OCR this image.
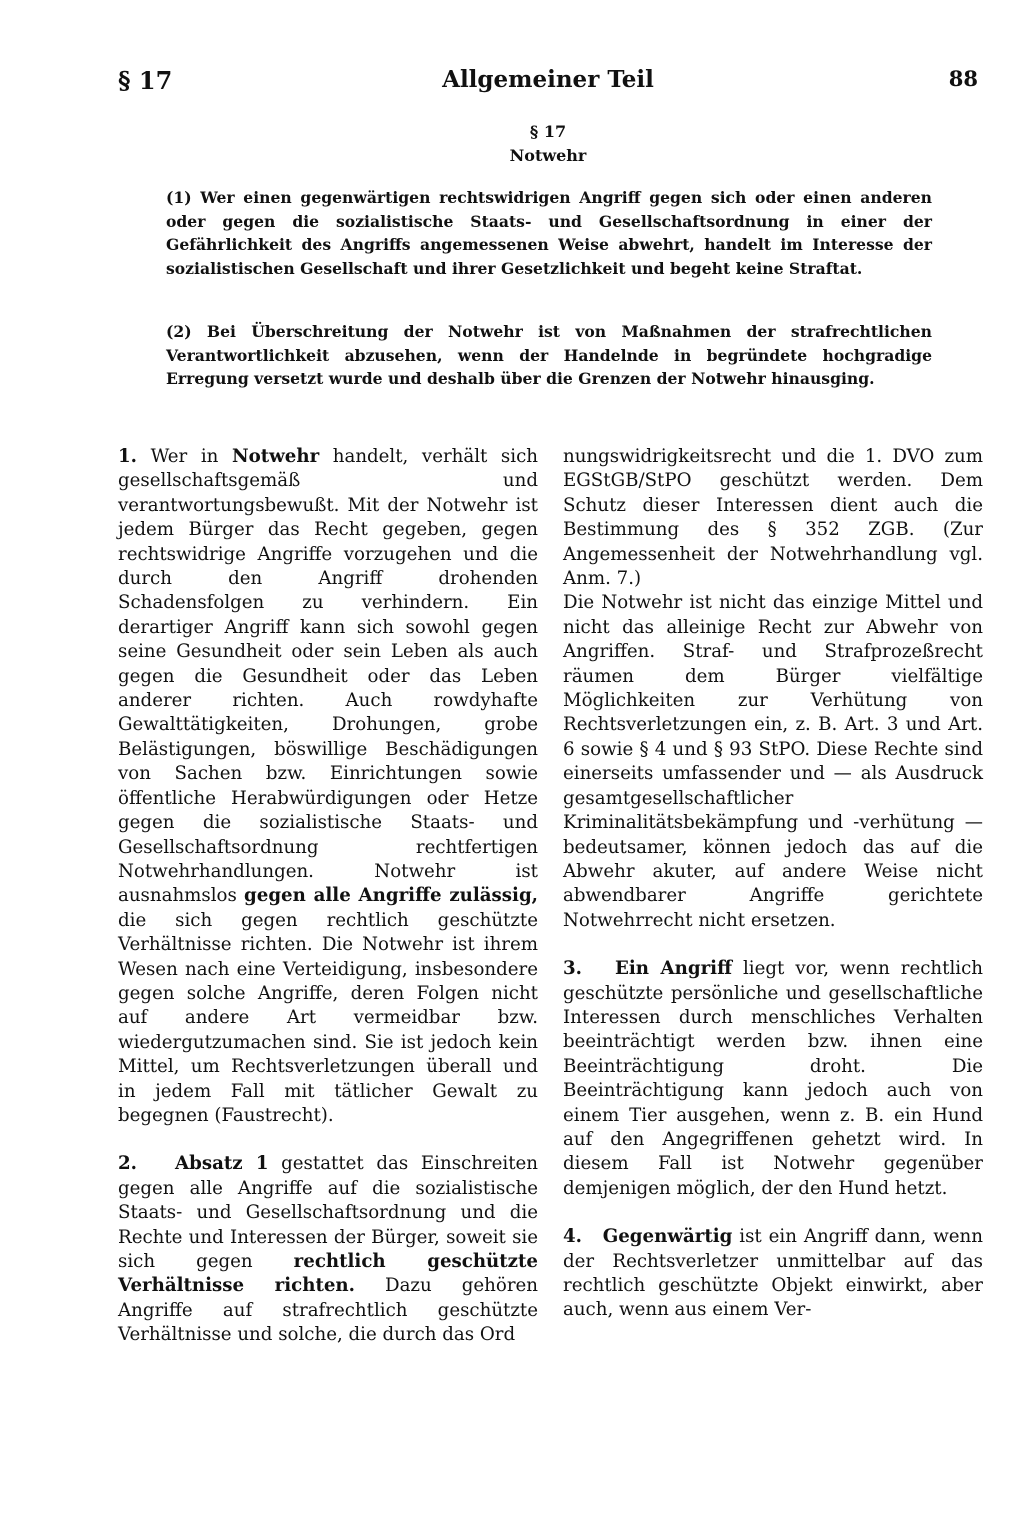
§ 17	Allgemeiner Teil	88
§ 17
Notwehr

(1) Wer einen gegenwärtigen rechtswidrigen Angriff gegen sich oder einen anderen oder gegen die sozialistische Staats- und Gesellschaftsordnung in einer der Gefährlichkeit des Angriffs angemessenen Weise abwehrt, handelt im Interesse der sozialistischen Gesellschaft und ihrer Gesetzlichkeit und begeht keine Straftat.

(2) Bei Überschreitung der Notwehr ist von Maßnahmen der strafrechtlichen Verantwortlichkeit abzusehen, wenn der Handelnde in begründete hochgradige Erregung versetzt wurde und deshalb über die Grenzen der Notwehr hinausging.

1. Wer in Notwehr handelt, verhält sich gesellschaftsgemäß und verantwortungsbewußt. Mit der Notwehr ist jedem Bürger das Recht gegeben, gegen rechtswidrige Angriffe vorzugehen und die durch den Angriff drohenden Schadensfolgen zu verhindern. Ein derartiger Angriff kann sich sowohl gegen seine Gesundheit oder sein Leben als auch gegen die Gesundheit oder das Leben anderer richten. Auch rowdyhafte Gewalttätigkeiten, Drohungen, grobe Belästigungen, böswillige Beschädigungen von Sachen bzw. Einrichtungen sowie öffentliche Herabwürdigungen oder Hetze gegen die sozialistische Staats- und Gesellschaftsordnung rechtfertigen Notwehrhandlungen. Notwehr ist ausnahmslos gegen alle Angriffe zulässig, die sich gegen rechtlich geschützte Verhältnisse richten. Die Notwehr ist ihrem Wesen nach eine Verteidigung, insbesondere gegen solche Angriffe, deren Folgen nicht auf andere Art vermeidbar bzw. wiedergutzumachen sind. Sie ist jedoch kein Mittel, um Rechtsverletzungen überall und in jedem Fall mit tätlicher Gewalt zu begegnen (Faustrecht).

2. Absatz 1 gestattet das Einschreiten gegen alle Angriffe auf die sozialistische Staats- und Gesellschaftsordnung und die Rechte und Interessen der Bürger, soweit sie sich gegen rechtlich geschützte Verhältnisse richten. Dazu gehören Angriffe auf strafrechtlich geschützte Verhältnisse und solche, die durch das Ord

nungswidrigkeitsrecht und die 1. DVO zum EGStGB/StPO geschützt werden. Dem Schutz dieser Interessen dient auch die Bestimmung des § 352 ZGB. (Zur Angemessenheit der Notwehrhandlung vgl. Anm. 7.)

Die Notwehr ist nicht das einzige Mittel und nicht das alleinige Recht zur Abwehr von Angriffen. Straf- und Strafprozeßrecht räumen dem Bürger vielfältige Möglichkeiten zur Verhütung von Rechtsverletzungen ein, z. B. Art. 3 und Art. 6 sowie § 4 und § 93 StPO. Diese Rechte sind einerseits umfassender und — als Ausdruck gesamtgesellschaftlicher Kriminalitätsbekämpfung und -verhütung — bedeutsamer, können jedoch das auf die Abwehr akuter, auf andere Weise nicht abwendbarer Angriffe gerichtete Notwehrrecht nicht ersetzen.

3. Ein Angriff liegt vor, wenn rechtlich geschützte persönliche und gesellschaftliche Interessen durch menschliches Verhalten beeinträchtigt werden bzw. ihnen eine Beeinträchtigung droht. Die Beeinträchtigung kann jedoch auch von einem Tier ausgehen, wenn z. B. ein Hund auf den Angegriffenen gehetzt wird. In diesem Fall ist Notwehr gegenüber demjenigen möglich, der den Hund hetzt.

4. Gegenwärtig ist ein Angriff dann, wenn der Rechtsverletzer unmittelbar auf das rechtlich geschützte Objekt einwirkt, aber auch, wenn aus einem Ver-
